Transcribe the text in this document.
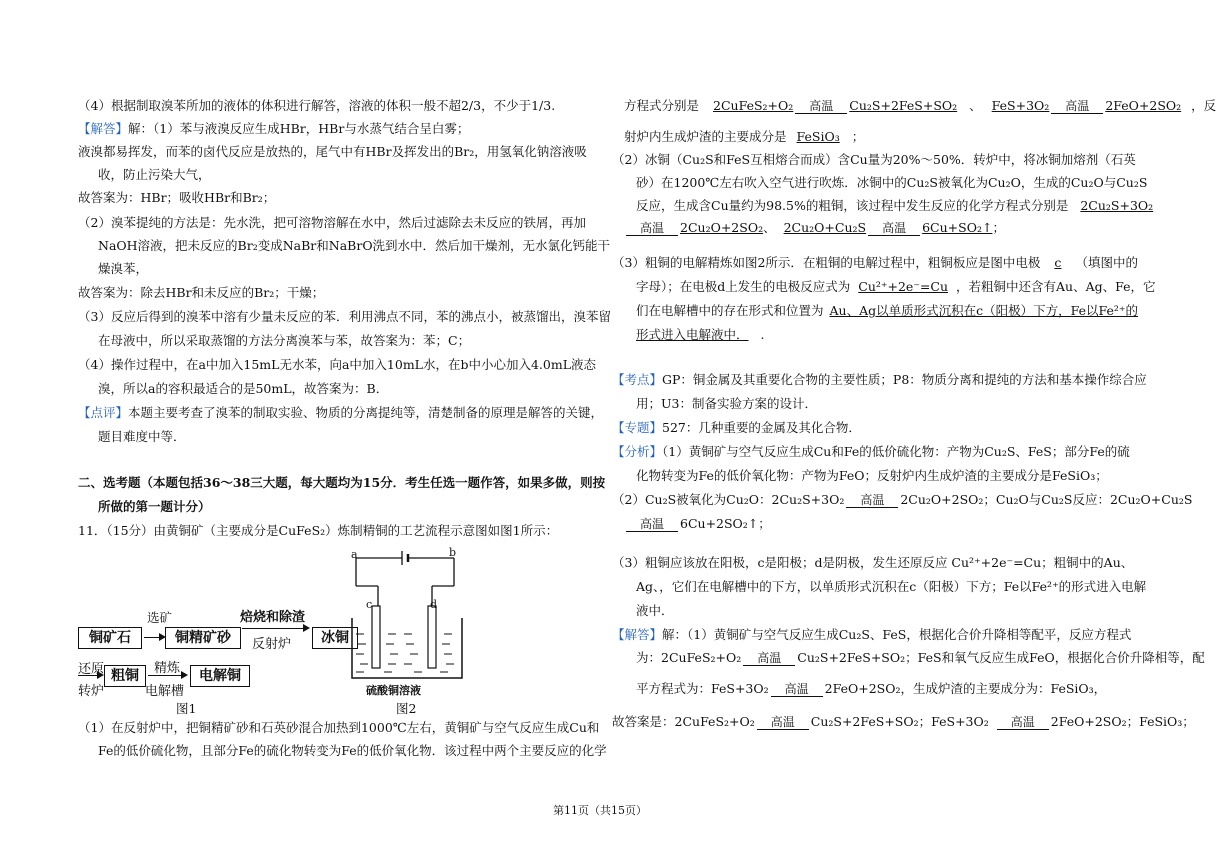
（4）根据制取溴苯所加的液体的体积进行解答，溶液的体积一般不超2/3，不少于1/3.
【解答】解：（1）苯与液溴反应生成HBr，HBr与水蒸气结合呈白雾；
液溴都易挥发，而苯的卤代反应是放热的，尾气中有HBr及挥发出的Br₂，用氢氧化钠溶液吸
收，防止污染大气，
故答案为：HBr；吸收HBr和Br₂；
（2）溴苯提纯的方法是：先水洗，把可溶物溶解在水中，然后过滤除去未反应的铁屑，再加
NaOH溶液，把未反应的Br₂变成NaBr和NaBrO洗到水中．然后加干燥剂，无水氯化钙能干
燥溴苯，
故答案为：除去HBr和未反应的Br₂；干燥；
（3）反应后得到的溴苯中溶有少量未反应的苯．利用沸点不同，苯的沸点小，被蒸馏出，溴苯留
在母液中，所以采取蒸馏的方法分离溴苯与苯，故答案为：苯；C；
（4）操作过程中，在a中加入15mL无水苯，向a中加入10mL水，在b中小心加入4.0mL液态
溴，所以a的容积最适合的是50mL，故答案为：B．
【点评】本题主要考查了溴苯的制取实验、物质的分离提纯等，清楚制备的原理是解答的关键，
题目难度中等．
二、选考题（本题包括36～38三大题，每大题均为15分．考生任选一题作答，如果多做，则按
所做的第一题计分）
11．（15分）由黄铜矿（主要成分是CuFeS₂）炼制精铜的工艺流程示意图如图1所示：
铜矿石
选矿
铜精矿砂
焙烧和除渣
反射炉	冰铜
还原
转炉
粗铜	精炼
电解槽
电解铜
图1
a	b
c	d
硫酸铜溶液
图2
（1）在反射炉中，把铜精矿砂和石英砂混合加热到1000℃左右，黄铜矿与空气反应生成Cu和
Fe的低价硫化物，且部分Fe的硫化物转变为Fe的低价氧化物．该过程中两个主要反应的化学
方程式分别是 2CuFeS₂+O₂	高温	Cu₂S+2FeS+SO₂ 、 FeS+3O₂	高温	2FeO+2SO₂ ，反
射炉内生成炉渣的主要成分是 FeSiO₃ ；
（2）冰铜（Cu₂S和FeS互相熔合而成）含Cu量为20%～50%．转炉中，将冰铜加熔剂（石英
砂）在1200℃左右吹入空气进行吹炼．冰铜中的Cu₂S被氧化为Cu₂O，生成的Cu₂O与Cu₂S
反应，生成含Cu量约为98.5%的粗铜，该过程中发生反应的化学方程式分别是 2Cu₂S+3O₂
高温	2Cu₂O+2SO₂、 2Cu₂O+Cu₂S	高温	6Cu+SO₂↑；
（3）粗铜的电解精炼如图2所示．在粗铜的电解过程中，粗铜板应是图中电极 c （填图中的
字母）；在电极d上发生的电极反应式为 Cu²⁺+2e⁻=Cu ，若粗铜中还含有Au、Ag、Fe，它
们在电解槽中的存在形式和位置为 Au、Ag以单质形式沉积在c（阳极）下方，Fe以Fe²⁺的
形式进入电解液中． .
【考点】GP：铜金属及其重要化合物的主要性质；P8：物质分离和提纯的方法和基本操作综合应
用；U3：制备实验方案的设计．
【专题】527：几种重要的金属及其化合物．
【分析】（1）黄铜矿与空气反应生成Cu和Fe的低价硫化物：产物为Cu₂S、FeS；部分Fe的硫
化物转变为Fe的低价氧化物：产物为FeO；反射炉内生成炉渣的主要成分是FeSiO₃；
（2）Cu₂S被氧化为Cu₂O：2Cu₂S+3O₂	高温	2Cu₂O+2SO₂；Cu₂O与Cu₂S反应：2Cu₂O+Cu₂S
高温	6Cu+2SO₂↑；
（3）粗铜应该放在阳极，c是阳极；d是阴极，发生还原反应 Cu²⁺+2e⁻=Cu；粗铜中的Au、
Ag、，它们在电解槽中的下方，以单质形式沉积在c（阳极）下方；Fe以Fe²⁺的形式进入电解
液中．
【解答】解：（1）黄铜矿与空气反应生成Cu₂S、FeS，根据化合价升降相等配平，反应方程式
为：2CuFeS₂+O₂	高温	Cu₂S+2FeS+SO₂；FeS和氧气反应生成FeO，根据化合价升降相等，配
平方程式为：FeS+3O₂	高温	2FeO+2SO₂，生成炉渣的主要成分为：FeSiO₃，
故答案是：2CuFeS₂+O₂	高温	Cu₂S+2FeS+SO₂；FeS+3O₂	高温	2FeO+2SO₂；FeSiO₃；
第11页（共15页）
